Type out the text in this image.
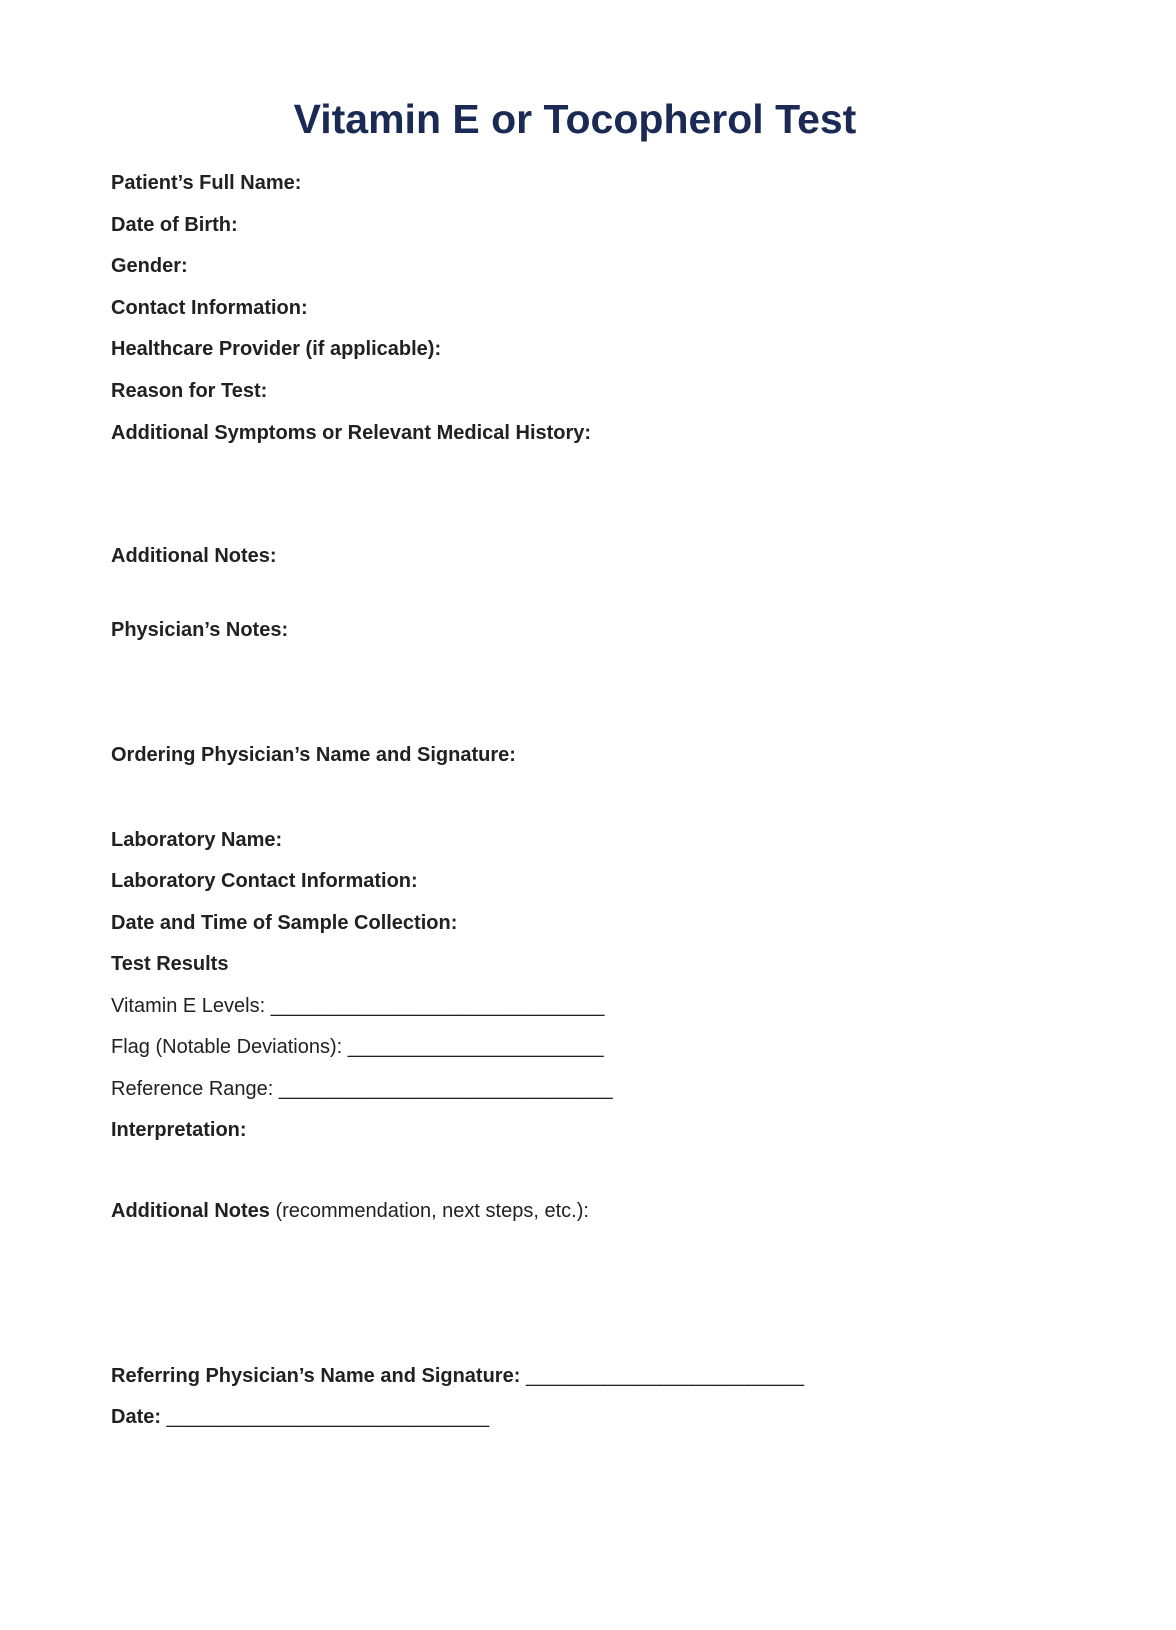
Vitamin E or Tocopherol Test
Patient’s Full Name:
Date of Birth:
Gender:
Contact Information:
Healthcare Provider (if applicable):
Reason for Test:
Additional Symptoms or Relevant Medical History:
Additional Notes:
Physician’s Notes:
Ordering Physician’s Name and Signature:
Laboratory Name:
Laboratory Contact Information:
Date and Time of Sample Collection:
Test Results
Vitamin E Levels: ______________________________
Flag (Notable Deviations): _______________________
Reference Range: ______________________________
Interpretation:
Additional Notes (recommendation, next steps, etc.):
Referring Physician’s Name and Signature: _________________________
Date: _____________________________
